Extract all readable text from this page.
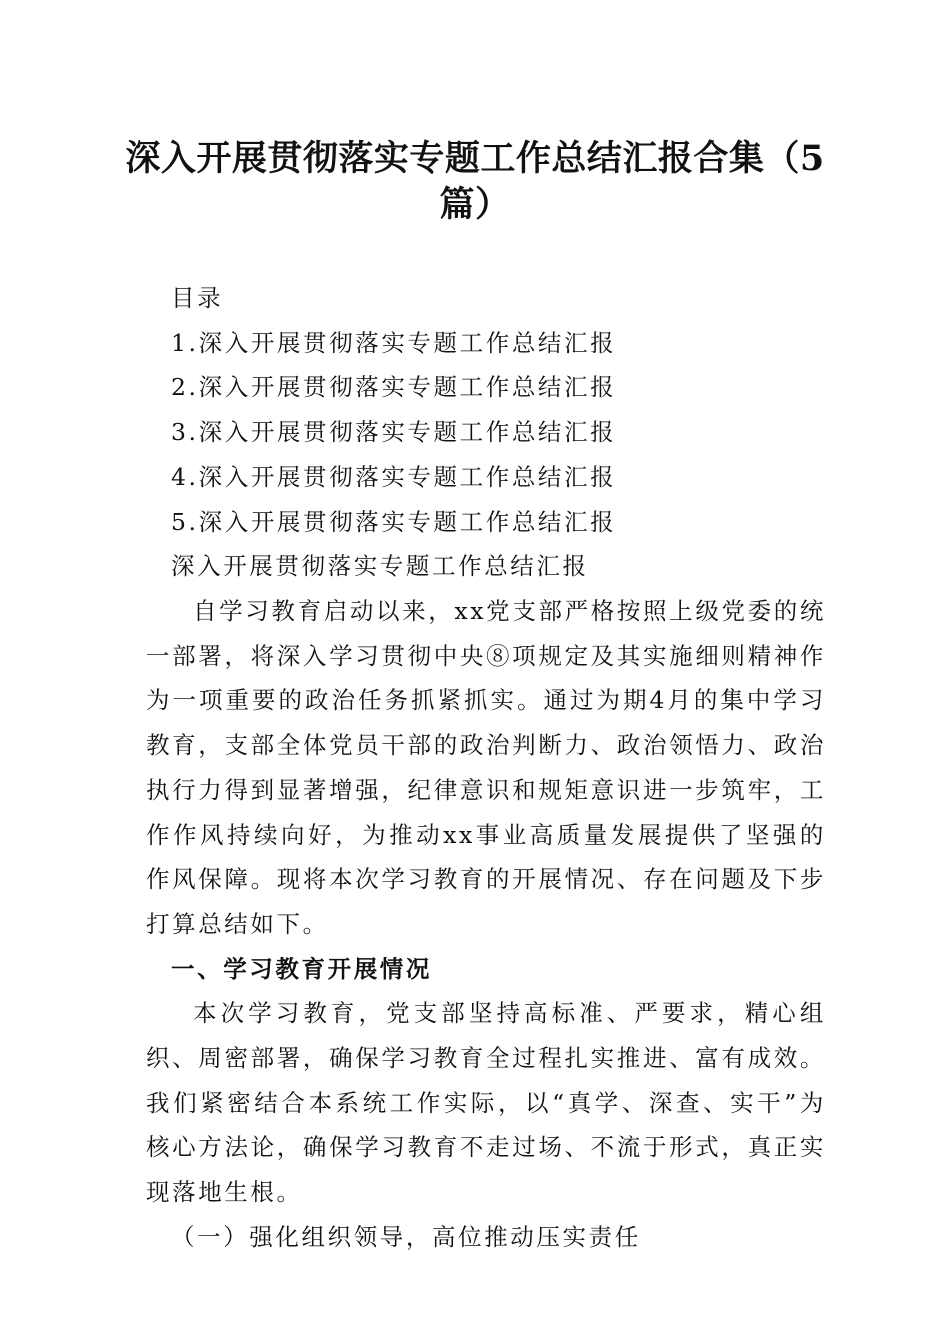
深入开展贯彻落实专题工作总结汇报合集（5篇）
目录
1.深入开展贯彻落实专题工作总结汇报
2.深入开展贯彻落实专题工作总结汇报
3.深入开展贯彻落实专题工作总结汇报
4.深入开展贯彻落实专题工作总结汇报
5.深入开展贯彻落实专题工作总结汇报
深入开展贯彻落实专题工作总结汇报

自学习教育启动以来，xx党支部严格按照上级党委的统一部署，将深入学习贯彻中央⑧项规定及其实施细则精神作为一项重要的政治任务抓紧抓实。通过为期4月的集中学习教育，支部全体党员干部的政治判断力、政治领悟力、政治执行力得到显著增强，纪律意识和规矩意识进一步筑牢，工作作风持续向好，为推动xx事业高质量发展提供了坚强的作风保障。现将本次学习教育的开展情况、存在问题及下步打算总结如下。

一、学习教育开展情况

本次学习教育，党支部坚持高标准、严要求，精心组织、周密部署，确保学习教育全过程扎实推进、富有成效。我们紧密结合本系统工作实际，以“真学、深查、实干”为核心方法论，确保学习教育不走过场、不流于形式，真正实现落地生根。

（一）强化组织领导，高位推动压实责任
